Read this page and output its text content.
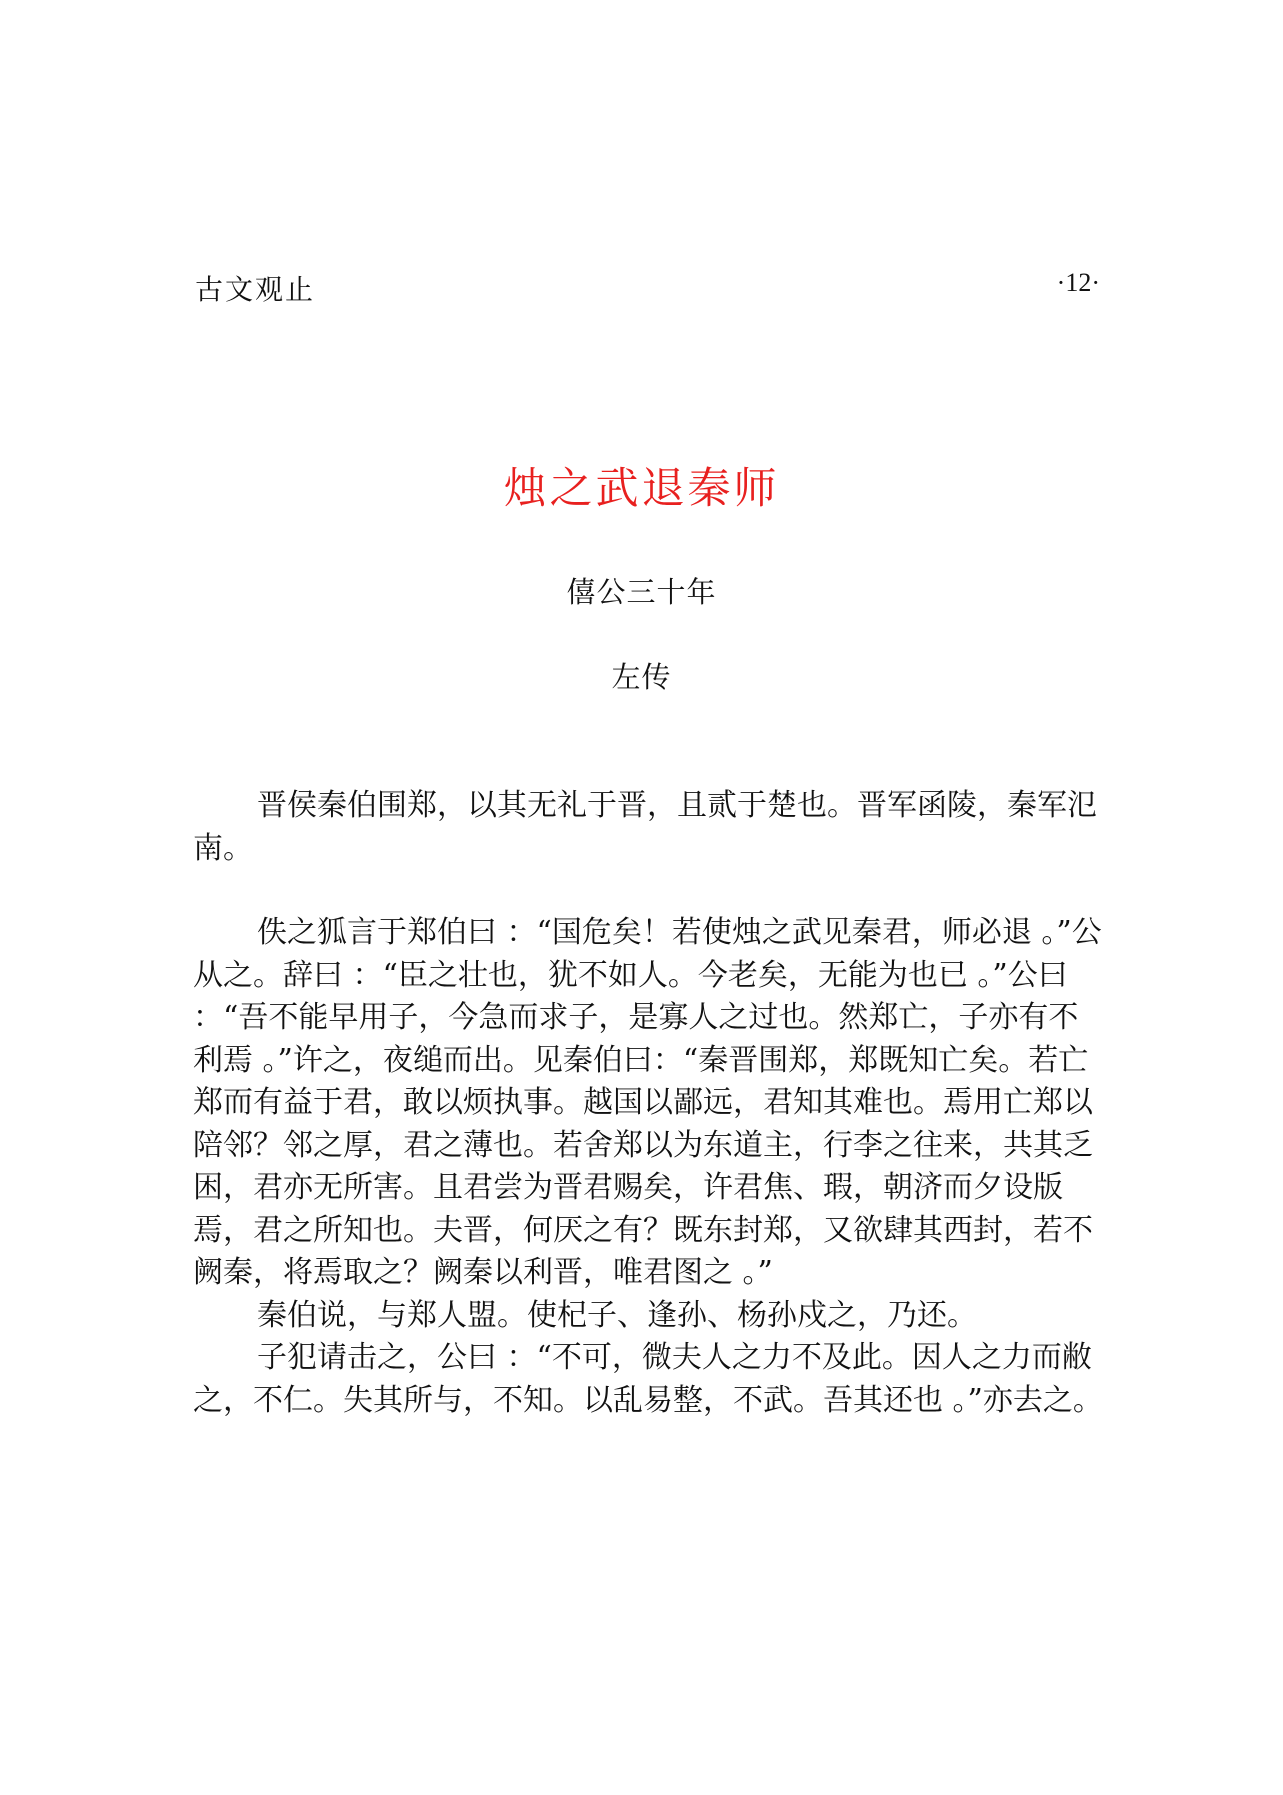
古文观止	·12·
烛之武退秦师
僖公三十年
左传

晋侯秦伯围郑，以其无礼于晋，且贰于楚也。晋军函陵，秦军氾南。

佚之狐言于郑伯曰 ：“国危矣！若使烛之武见秦君，师必退 。”公从之。辞曰 ：“臣之壮也，犹不如人。今老矣，无能为也已 。”公曰 ：“吾不能早用子，今急而求子，是寡人之过也。然郑亡，子亦有不利焉 。”许之，夜缒而出。见秦伯曰：“秦晋围郑，郑既知亡矣。若亡郑而有益于君，敢以烦执事。越国以鄙远，君知其难也。焉用亡郑以陪邻？邻之厚，君之薄也。若舍郑以为东道主，行李之往来，共其乏困，君亦无所害。且君尝为晋君赐矣，许君焦、瑕，朝济而夕设版焉，君之所知也。夫晋，何厌之有？既东封郑，又欲肆其西封，若不阙秦，将焉取之？阙秦以利晋，唯君图之 。”

秦伯说，与郑人盟。使杞子、逢孙、杨孙戍之，乃还。

子犯请击之，公曰 ：“不可，微夫人之力不及此。因人之力而敝之，不仁。失其所与，不知。以乱易整，不武。吾其还也 。”亦去之。
